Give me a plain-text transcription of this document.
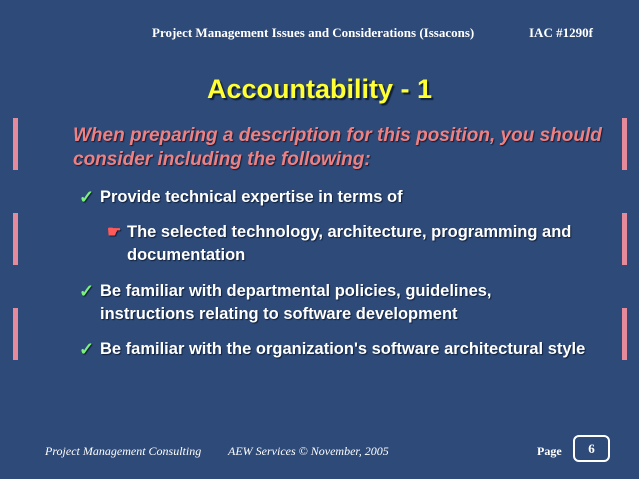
Project Management Issues and Considerations (Issacons)	IAC #1290f
Accountability - 1
When preparing a description for this position, you should consider including the following:
✓ Provide technical expertise in terms of
☛ The selected technology, architecture, programming and documentation
✓ Be familiar with departmental policies, guidelines, instructions relating to software development
✓ Be familiar with the organization's software architectural style
Project Management Consulting AEW Services © November, 2005	Page	6
